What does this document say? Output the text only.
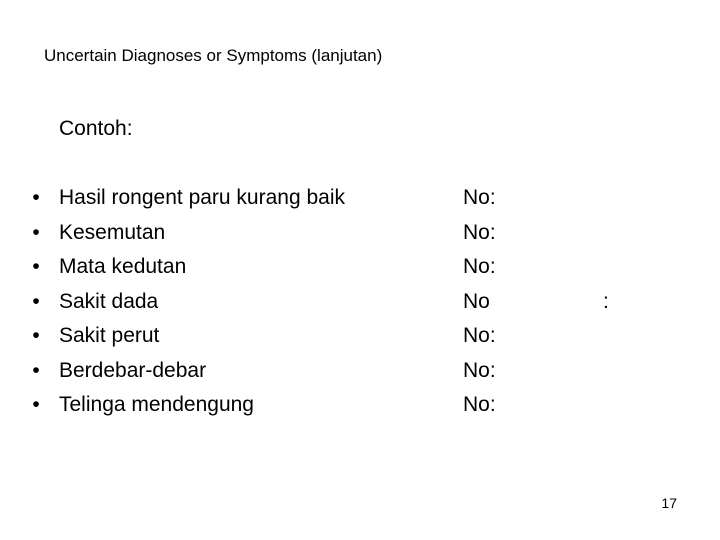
Uncertain Diagnoses or Symptoms (lanjutan)
Contoh:
• Hasil rongent paru kurang baik	No:
• Kesemutan	No:
• Mata kedutan	No:
• Sakit dada	No	:
• Sakit perut	No:
• Berdebar-debar	No:
• Telinga mendengung	No:
17
